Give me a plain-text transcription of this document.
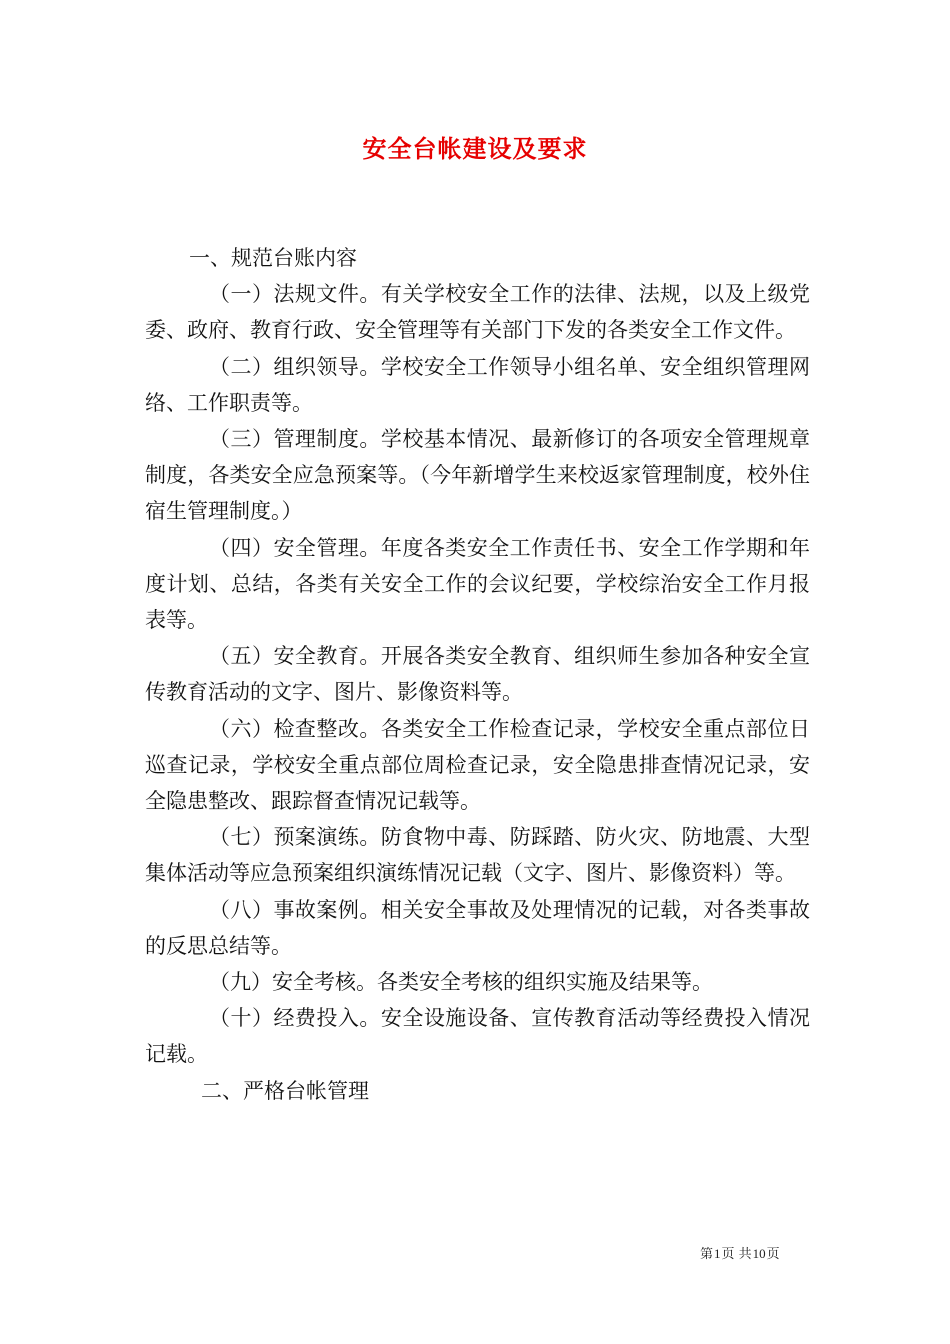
安全台帐建设及要求

一、规范台账内容

（一）法规文件。有关学校安全工作的法律、法规，以及上级党委、政府、教育行政、安全管理等有关部门下发的各类安全工作文件。

（二）组织领导。学校安全工作领导小组名单、安全组织管理网络、工作职责等。

（三）管理制度。学校基本情况、最新修订的各项安全管理规章制度，各类安全应急预案等。（今年新增学生来校返家管理制度，校外住宿生管理制度。）

（四）安全管理。年度各类安全工作责任书、安全工作学期和年度计划、总结，各类有关安全工作的会议纪要，学校综治安全工作月报表等。

（五）安全教育。开展各类安全教育、组织师生参加各种安全宣传教育活动的文字、图片、影像资料等。

（六）检查整改。各类安全工作检查记录，学校安全重点部位日巡查记录，学校安全重点部位周检查记录，安全隐患排查情况记录，安全隐患整改、跟踪督查情况记载等。

（七）预案演练。防食物中毒、防踩踏、防火灾、防地震、大型集体活动等应急预案组织演练情况记载（文字、图片、影像资料）等。

（八）事故案例。相关安全事故及处理情况的记载，对各类事故的反思总结等。

（九）安全考核。各类安全考核的组织实施及结果等。

（十）经费投入。安全设施设备、宣传教育活动等经费投入情况记载。

二、严格台帐管理

第1页 共10页
